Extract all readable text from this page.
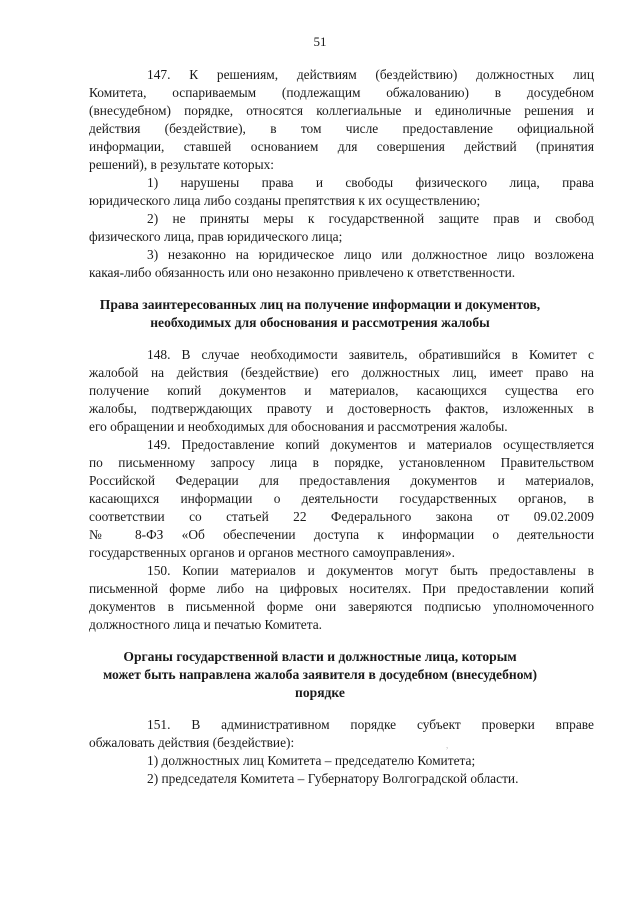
51
147. К решениям, действиям (бездействию) должностных лиц
Комитета, оспариваемым (подлежащим обжалованию) в досудебном
(внесудебном) порядке, относятся коллегиальные и единоличные решения и
действия (бездействие), в том числе предоставление официальной
информации, ставшей основанием для совершения действий (принятия
решений), в результате которых:
1) нарушены права и свободы физического лица, права
юридического лица либо созданы препятствия к их осуществлению;
2) не приняты меры к государственной защите прав и свобод
физического лица, прав юридического лица;
3) незаконно на юридическое лицо или должностное лицо возложена
какая-либо обязанность или оно незаконно привлечено к ответственности.
Права заинтересованных лиц на получение информации и документов,
необходимых для обоснования и рассмотрения жалобы
148. В случае необходимости заявитель, обратившийся в Комитет с
жалобой на действия (бездействие) его должностных лиц, имеет право на
получение копий документов и материалов, касающихся существа его
жалобы, подтверждающих правоту и достоверность фактов, изложенных в
его обращении и необходимых для обоснования и рассмотрения жалобы.
149. Предоставление копий документов и материалов осуществляется
по письменному запросу лица в порядке, установленном Правительством
Российской Федерации для предоставления документов и материалов,
касающихся информации о деятельности государственных органов, в
соответствии со статьей 22 Федерального закона от 09.02.2009
№ 8-ФЗ «Об обеспечении доступа к информации о деятельности
государственных органов и органов местного самоуправления».
150. Копии материалов и документов могут быть предоставлены в
письменной форме либо на цифровых носителях. При предоставлении копий
документов в письменной форме они заверяются подписью уполномоченного
должностного лица и печатью Комитета.
Органы государственной власти и должностные лица, которым
может быть направлена жалоба заявителя в досудебном (внесудебном)
порядке
151. В административном порядке субъект проверки вправе
обжаловать действия (бездействие):
1) должностных лиц Комитета – председателю Комитета;
2) председателя Комитета – Губернатору Волгоградской области.
,
